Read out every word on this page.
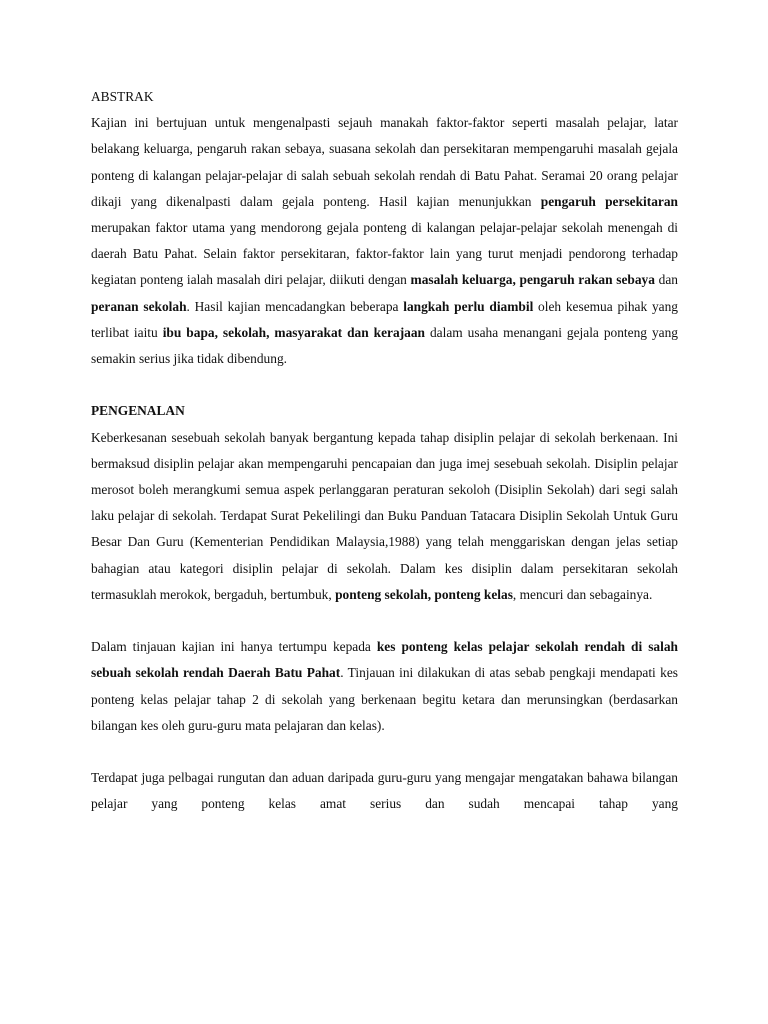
ABSTRAK

Kajian ini bertujuan untuk mengenalpasti sejauh manakah faktor-faktor seperti masalah pelajar, latar belakang keluarga, pengaruh rakan sebaya, suasana sekolah dan persekitaran mempengaruhi masalah gejala ponteng di kalangan pelajar-pelajar di salah sebuah sekolah rendah di Batu Pahat. Seramai 20 orang pelajar dikaji yang dikenalpasti dalam gejala ponteng. Hasil kajian menunjukkan pengaruh persekitaran merupakan faktor utama yang mendorong gejala ponteng di kalangan pelajar-pelajar sekolah menengah di daerah Batu Pahat. Selain faktor persekitaran, faktor-faktor lain yang turut menjadi pendorong terhadap kegiatan ponteng ialah masalah diri pelajar, diikuti dengan masalah keluarga, pengaruh rakan sebaya dan peranan sekolah. Hasil kajian mencadangkan beberapa langkah perlu diambil oleh kesemua pihak yang terlibat iaitu ibu bapa, sekolah, masyarakat dan kerajaan dalam usaha menangani gejala ponteng yang semakin serius jika tidak dibendung.

PENGENALAN

Keberkesanan sesebuah sekolah banyak bergantung kepada tahap disiplin pelajar di sekolah berkenaan. Ini bermaksud disiplin pelajar akan mempengaruhi pencapaian dan juga imej sesebuah sekolah. Disiplin pelajar merosot boleh merangkumi semua aspek perlanggaran peraturan sekoloh (Disiplin Sekolah) dari segi salah laku pelajar di sekolah. Terdapat Surat Pekelilingi dan Buku Panduan Tatacara Disiplin Sekolah Untuk Guru Besar Dan Guru (Kementerian Pendidikan Malaysia,1988) yang telah menggariskan dengan jelas setiap bahagian atau kategori disiplin pelajar di sekolah. Dalam kes disiplin dalam persekitaran sekolah termasuklah merokok, bergaduh, bertumbuk, ponteng sekolah, ponteng kelas, mencuri dan sebagainya.

Dalam tinjauan kajian ini hanya tertumpu kepada kes ponteng kelas pelajar sekolah rendah di salah sebuah sekolah rendah Daerah Batu Pahat. Tinjauan ini dilakukan di atas sebab pengkaji mendapati kes ponteng kelas pelajar tahap 2 di sekolah yang berkenaan begitu ketara dan merunsingkan (berdasarkan bilangan kes oleh guru-guru mata pelajaran dan kelas).

Terdapat juga pelbagai rungutan dan aduan daripada guru-guru yang mengajar mengatakan bahawa bilangan pelajar yang ponteng kelas amat serius dan sudah mencapai tahap yang
